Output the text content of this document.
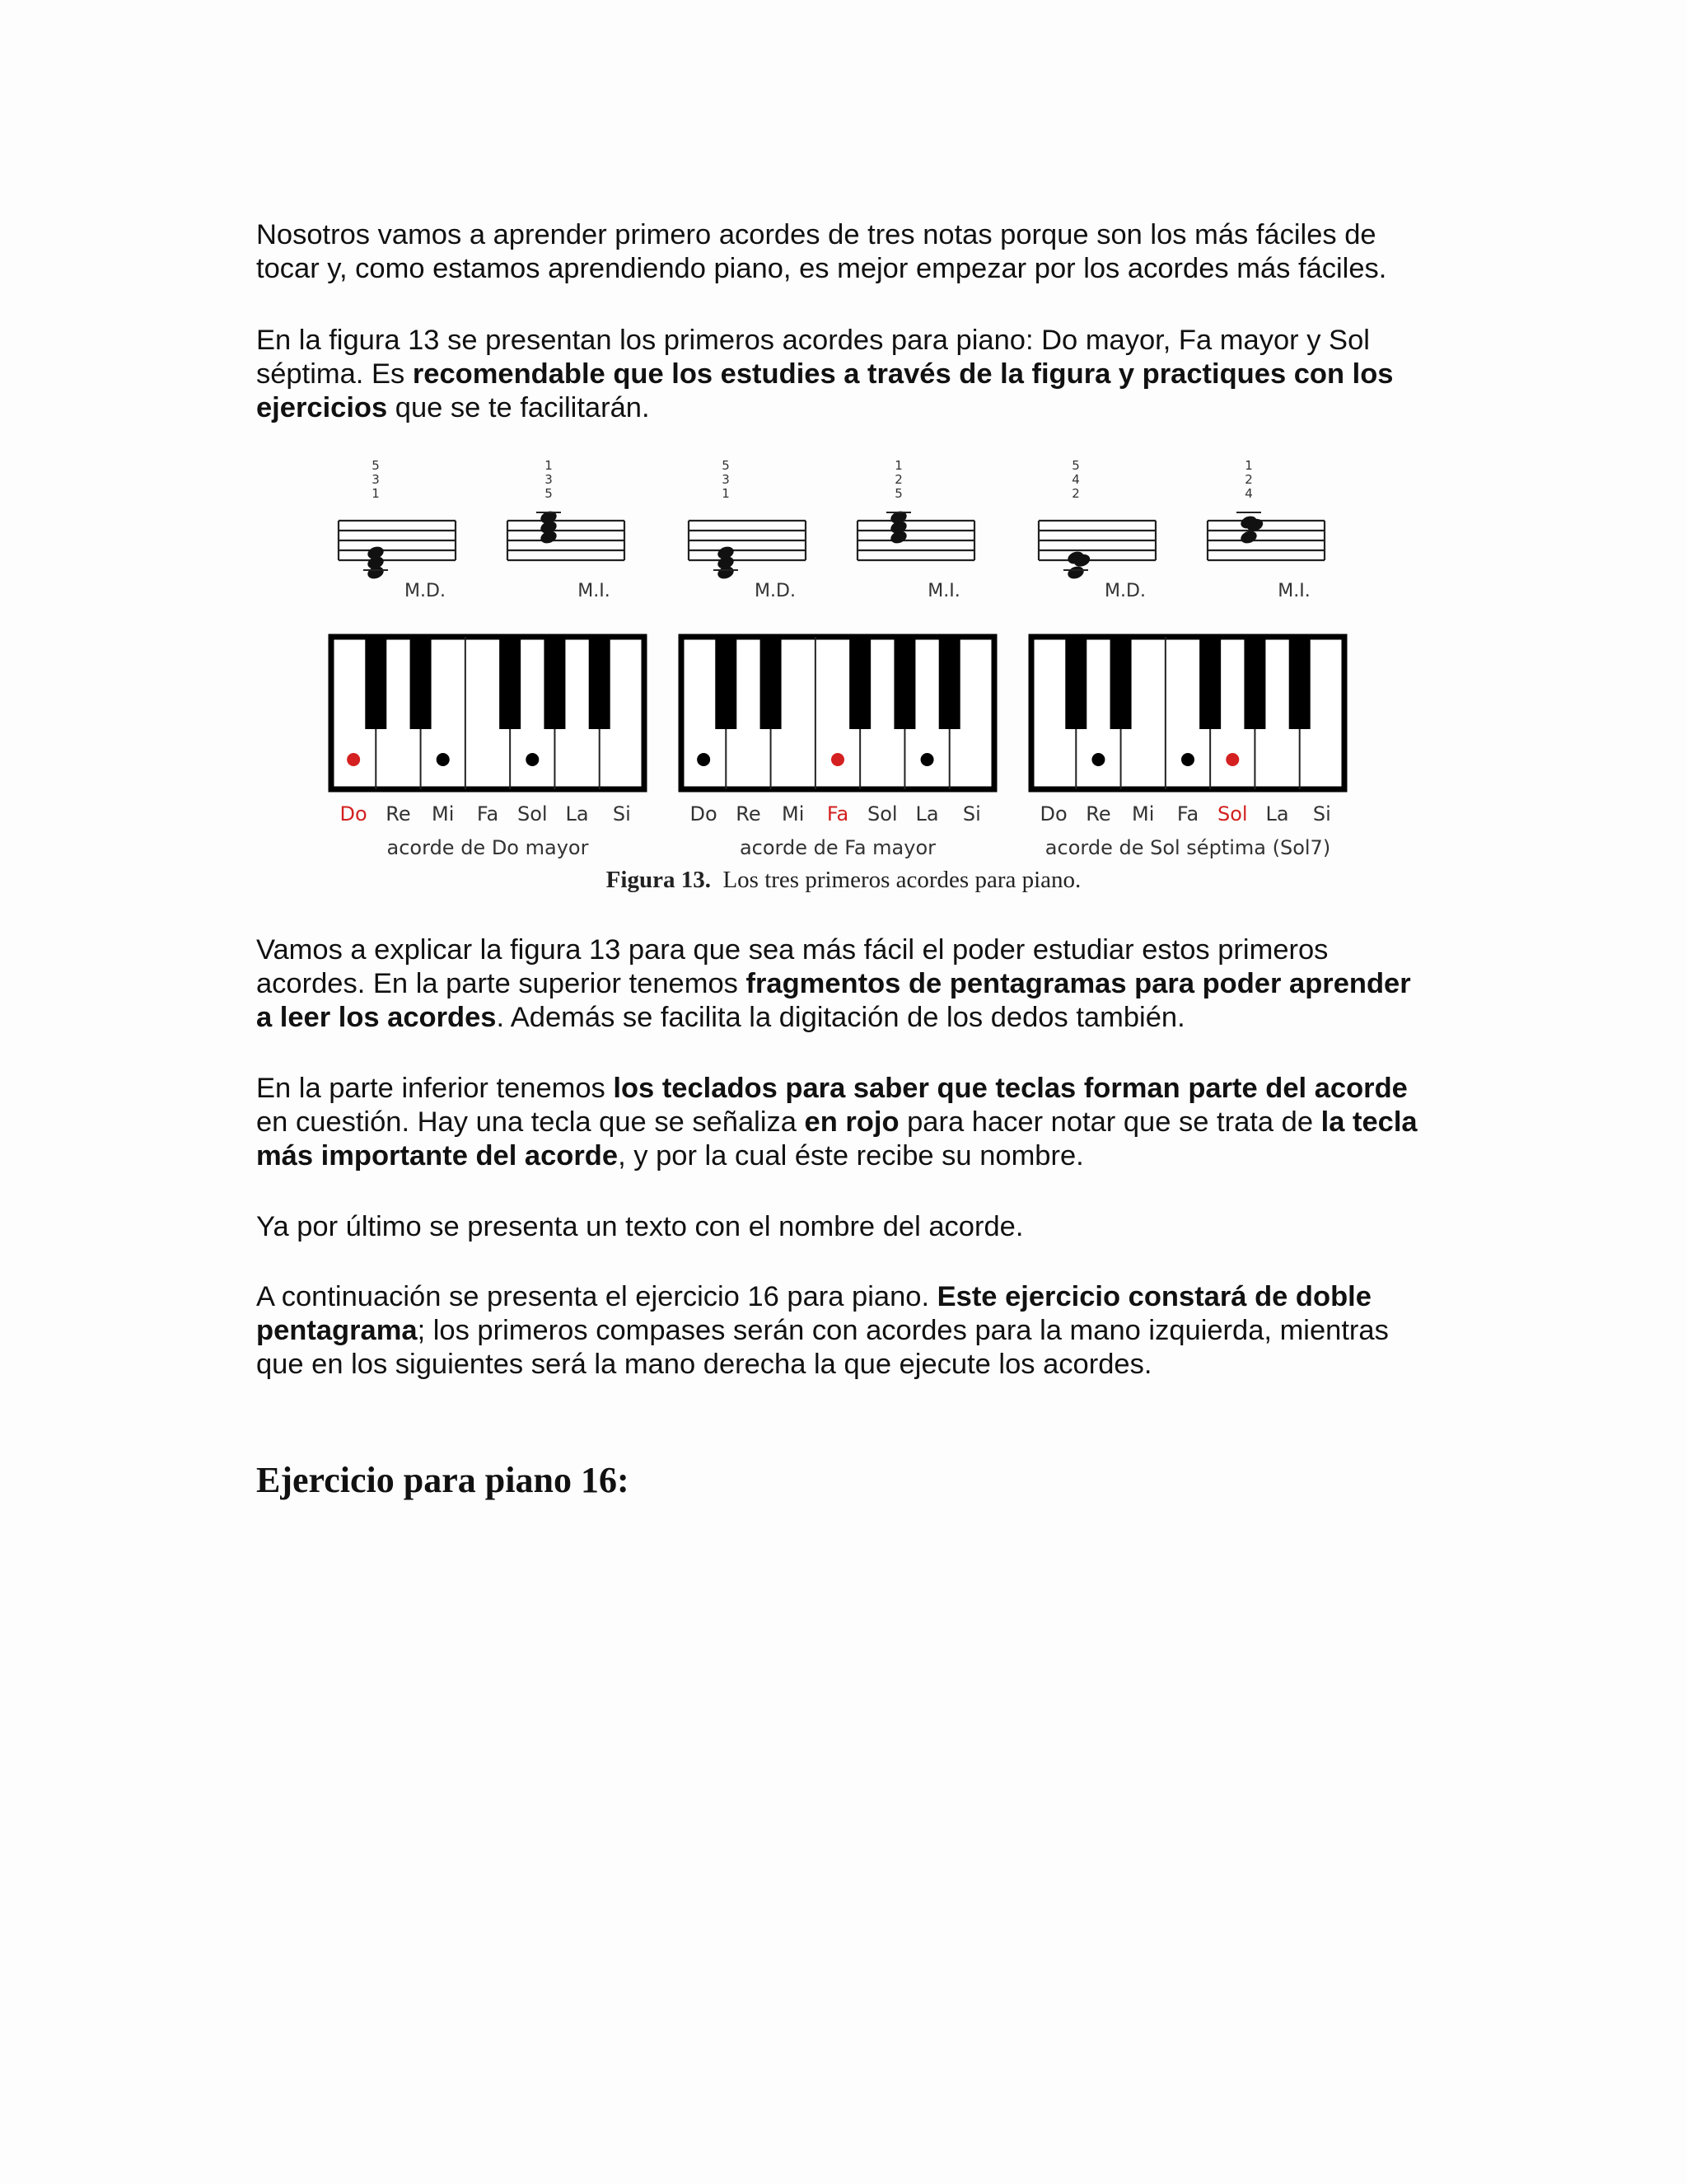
Nosotros vamos a aprender primero acordes de tres notas porque son los más fáciles de tocar y, como estamos aprendiendo piano, es mejor empezar por los acordes más fáciles.

En la figura 13 se presentan los primeros acordes para piano: Do mayor, Fa mayor y Sol séptima. Es recomendable que los estudies a través de la figura y practiques con los ejercicios que se te facilitarán.

5
3
1
M.D.
1
3
5
M.I.
Do Re Mi Fa Sol La Si
acorde de Do mayor
5
3
1
M.D.
1
2
5
M.I.
Do Re Mi Fa Sol La Si
acorde de Fa mayor
5
4
2
M.D.
1
2
4
M.I.
Do Re Mi Fa Sol La Si
acorde de Sol séptima (Sol7)
Figura 13. Los tres primeros acordes para piano.

Vamos a explicar la figura 13 para que sea más fácil el poder estudiar estos primeros acordes. En la parte superior tenemos fragmentos de pentagramas para poder aprender a leer los acordes. Además se facilita la digitación de los dedos también.

En la parte inferior tenemos los teclados para saber que teclas forman parte del acorde en cuestión. Hay una tecla que se señaliza en rojo para hacer notar que se trata de la tecla más importante del acorde, y por la cual éste recibe su nombre.

Ya por último se presenta un texto con el nombre del acorde.

A continuación se presenta el ejercicio 16 para piano. Este ejercicio constará de doble pentagrama; los primeros compases serán con acordes para la mano izquierda, mientras que en los siguientes será la mano derecha la que ejecute los acordes.

Ejercicio para piano 16:
